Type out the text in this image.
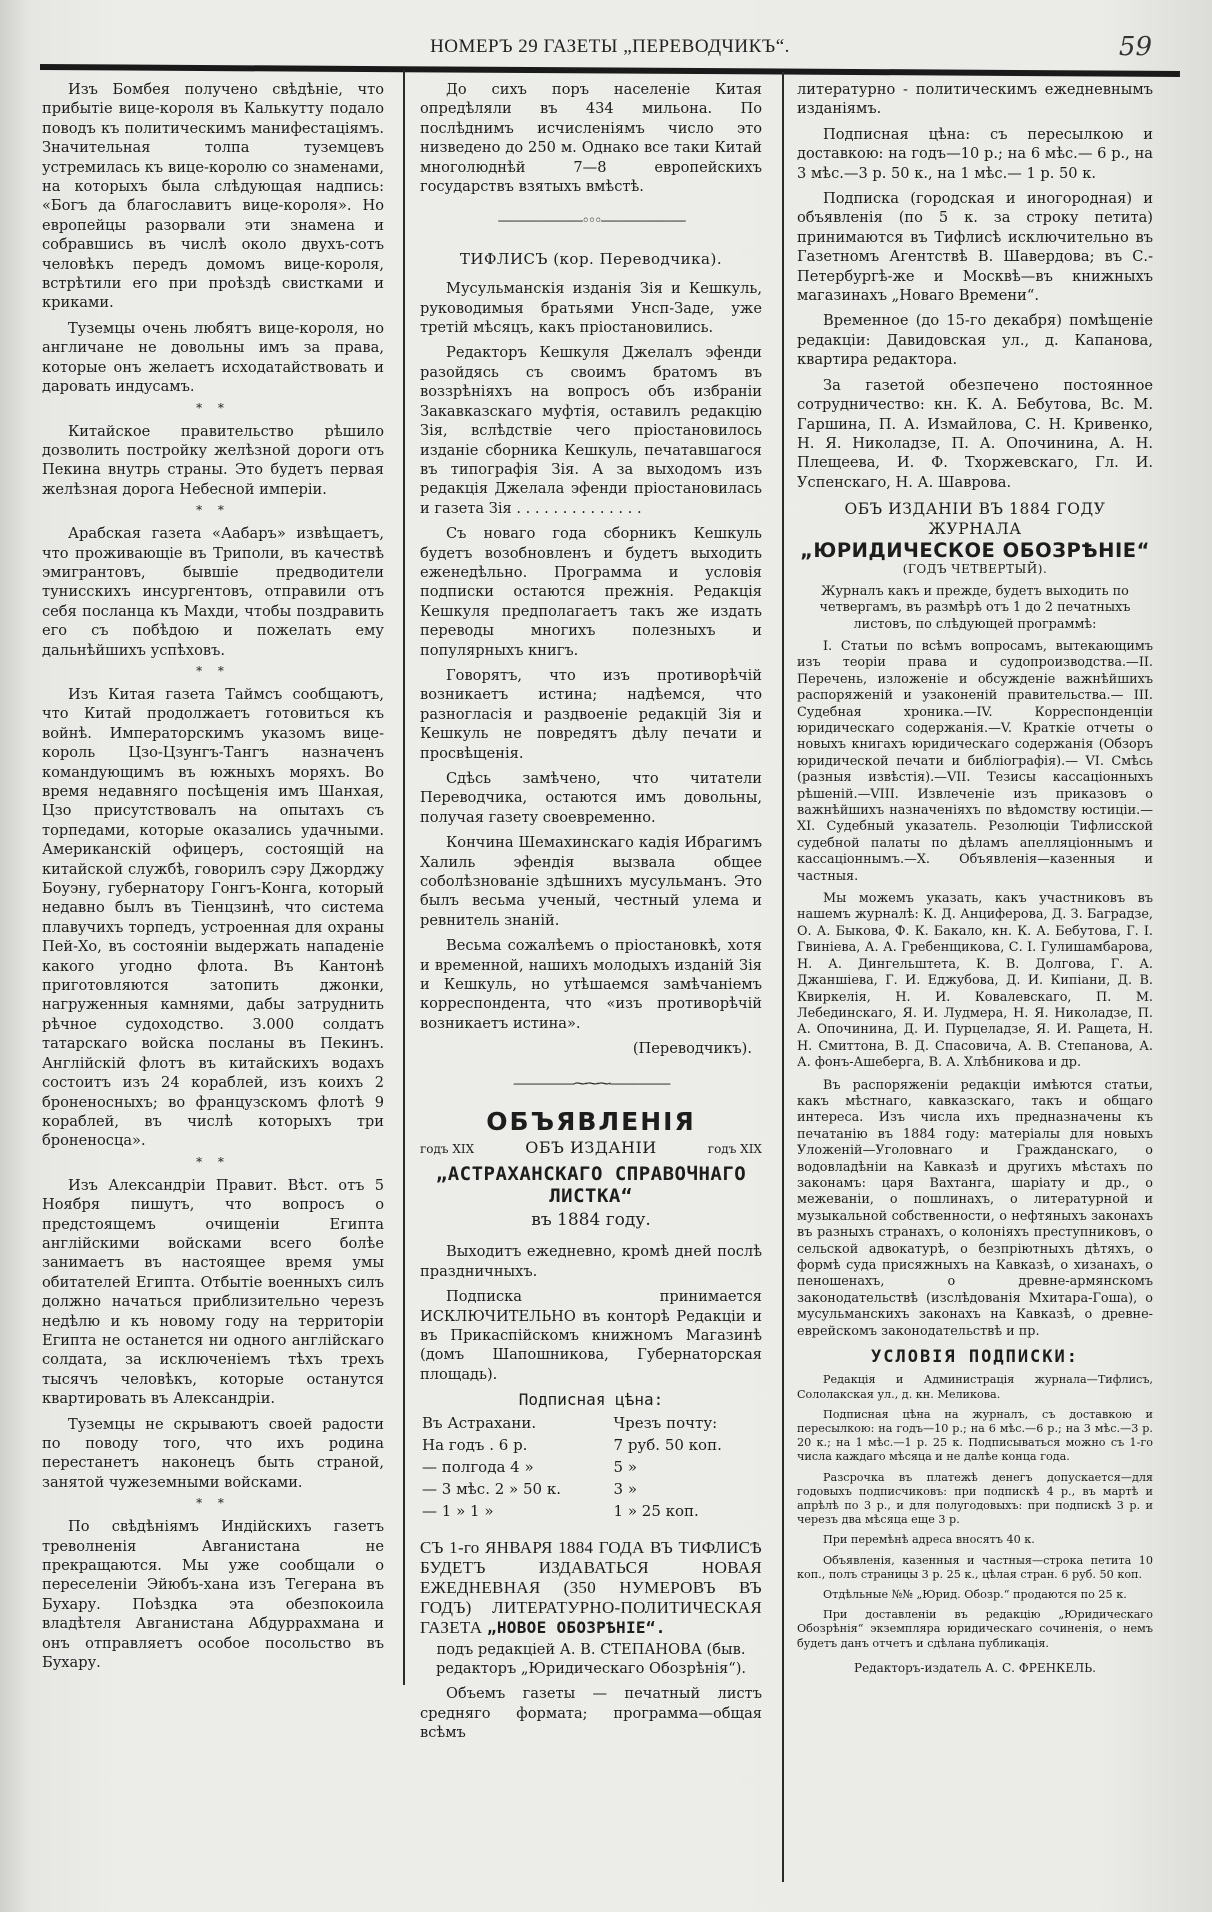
НОМЕРЪ 29 ГАЗЕТЫ „ПЕРЕВОДЧИКЪ“.	59

Изъ Бомбея получено свѣдѣніе, что прибытіе вице-короля въ Калькутту подало поводъ къ политическимъ манифестаціямъ. Значительная толпа туземцевъ устремилась къ вице-королю со знаменами, на которыхъ была слѣдующая надпись: «Богъ да благославитъ вице-короля». Но европейцы разорвали эти знамена и собравшись въ числѣ около двухъ-сотъ человѣкъ передъ домомъ вице-короля, встрѣтили его при проѣздѣ свистками и криками.

Туземцы очень любятъ вице-короля, но англичане не довольны имъ за права, которые онъ желаетъ исходатайствовать и даровать индусамъ.

* *

Китайское правительство рѣшило дозволить постройку желѣзной дороги отъ Пекина внутрь страны. Это будетъ первая желѣзная дорога Небесной имперіи.

* *

Арабская газета «Аабаръ» извѣщаетъ, что проживающіе въ Триполи, въ качествѣ эмигрантовъ, бывшіе предводители тунисскихъ инсургентовъ, отправили отъ себя посланца къ Махди, чтобы поздравить его съ побѣдою и пожелать ему дальнѣйшихъ успѣховъ.

* *

Изъ Китая газета Таймсъ сообщаютъ, что Китай продолжаетъ готовиться къ войнѣ. Императорскимъ указомъ вице-король Цзо-Цзунгъ-Тангъ назначенъ командующимъ въ южныхъ моряхъ. Во время недавняго посѣщенія имъ Шанхая, Цзо присутствовалъ на опытахъ съ торпедами, которые оказались удачными. Американскій офицеръ, состоящій на китайской службѣ, говорилъ сэру Джорджу Боуэну, губернатору Гонгъ-Конга, который недавно былъ въ Тіенцзинѣ, что система плавучихъ торпедъ, устроенная для охраны Пей-Хо, въ состояніи выдержать нападеніе какого угодно флота. Въ Кантонѣ приготовляются затопить джонки, нагруженныя камнями, дабы затруднить рѣчное судоходство. 3.000 солдатъ татарскаго войска посланы въ Пекинъ. Англійскій флотъ въ китайскихъ водахъ состоитъ изъ 24 кораблей, изъ коихъ 2 броненосныхъ; во французскомъ флотѣ 9 кораблей, въ числѣ которыхъ три броненосца».

* *

Изъ Александріи Правит. Вѣст. отъ 5 Ноября пишутъ, что вопросъ о предстоящемъ очищеніи Египта англійскими войсками всего болѣе занимаетъ въ настоящее время умы обитателей Египта. Отбытіе военныхъ силъ должно начаться приблизительно черезъ недѣлю и къ новому году на территоріи Египта не останется ни одного англійскаго солдата, за исключеніемъ тѣхъ трехъ тысячъ человѣкъ, которые останутся квартировать въ Александріи.

Туземцы не скрываютъ своей радости по поводу того, что ихъ родина перестанетъ наконецъ быть страной, занятой чужеземными войсками.

* *

По свѣдѣніямъ Индійскихъ газетъ треволненія Авганистана не прекращаются. Мы уже сообщали о переселеніи Эйюбъ-хана изъ Тегерана въ Бухару. Поѣздка эта обезпокоила владѣтеля Авганистана Абдуррахмана и онъ отправляетъ особое посольство въ Бухару.

До сихъ поръ населеніе Китая опредѣляли въ 434 мильона. По послѣднимъ исчисленіямъ число это низведено до 250 м. Однако все таки Китай многолюднѣй 7—8 европейскихъ государствъ взятыхъ вмѣстѣ.

———————◦◦◦———————
ТИФЛИСЪ (кор. Переводчика).

Мусульманскія изданія Зія и Кешкуль, руководимыя братьями Унсп-Заде, уже третій мѣсяцъ, какъ пріостановились.

Редакторъ Кешкуля Джелалъ эфенди разойдясь съ своимъ братомъ въ воззрѣніяхъ на вопросъ объ избраніи Закавказскаго муфтія, оставилъ редакцію Зія, вслѣдствіе чего пріостановилось изданіе сборника Кешкуль, печатавшагося въ типографія Зія. А за выходомъ изъ редакція Джелала эфенди пріостановилась и газета Зія . . . . . . . . . . . . . .

Съ новаго года сборникъ Кешкуль будетъ возобновленъ и будетъ выходить еженедѣльно. Программа и условія подписки остаются прежнія. Редакція Кешкуля предполагаетъ такъ же издать переводы многихъ полезныхъ и популярныхъ книгъ.

Говорятъ, что изъ противорѣчій возникаетъ истина; надѣемся, что разногласія и раздвоеніе редакцій Зія и Кешкуль не повредятъ дѣлу печати и просвѣщенія.

Сдѣсь замѣчено, что читатели Переводчика, остаются имъ довольны, получая газету своевременно.

Кончина Шемахинскаго кадія Ибрагимъ Халиль эфендія вызвала общее соболѣзнованіе здѣшнихъ мусульманъ. Это былъ весьма ученый, честный улема и ревнитель знаній.

Весьма сожалѣемъ о пріостановкѣ, хотя и временной, нашихъ молодыхъ изданій Зія и Кешкуль, но утѣшаемся замѣчаніемъ корреспондента, что «изъ противорѣчій возникаетъ истина».

(Переводчикъ).

—————⁓⁓⁓—————
ОБЪЯВЛЕНІЯ
годъ XIX	ОБЪ ИЗДАНІИ	годъ XIX
„АСТРАХАНСКАГО СПРАВОЧНАГО ЛИСТКА“
въ 1884 году.

Выходитъ ежедневно, кромѣ дней послѣ праздничныхъ.

Подписка принимается ИСКЛЮЧИТЕЛЬНО въ конторѣ Редакціи и въ Прикаспійскомъ книжномъ Магазинѣ (домъ Шапошникова, Губернаторская площадь).

Подписная цѣна:
Въ Астрахани.	Чрезъ почту:
На годъ . 6 р.	7 руб. 50 коп.
— полгода 4 »	5 »
— 3 мѣс. 2 » 50 к.	3 »
— 1 » 1 »	1 » 25 коп.
СЪ 1-го ЯНВАРЯ 1884 ГОДА ВЪ ТИФЛИСѢ БУДЕТЪ ИЗДАВАТЬСЯ НОВАЯ ЕЖЕДНЕВНАЯ (350 НУМЕРОВЪ ВЪ ГОДЪ) ЛИТЕРАТУРНО-ПОЛИТИЧЕСКАЯ ГАЗЕТА „НОВОЕ ОБОЗРѢНІЕ“.

подъ редакціей А. В. СТЕПАНОВА (быв. редакторъ „Юридическаго Обозрѣнія“).

Объемъ газеты — печатный листъ средняго формата; программа—общая всѣмъ

литературно - политическимъ ежедневнымъ изданіямъ.

Подписная цѣна: съ пересылкою и доставкою: на годъ—10 р.; на 6 мѣс.— 6 р., на 3 мѣс.—3 р. 50 к., на 1 мѣс.— 1 р. 50 к.

Подписка (городская и иногородная) и объявленія (по 5 к. за строку петита) принимаются въ Тифлисѣ исключительно въ Газетномъ Агентствѣ В. Шавердова; въ С.-Петербургѣ-же и Москвѣ—въ книжныхъ магазинахъ „Новаго Времени“.

Временное (до 15-го декабря) помѣщеніе редакціи: Давидовская ул., д. Капанова, квартира редактора.

За газетой обезпечено постоянное сотрудничество: кн. К. А. Бебутова, Вс. М. Гаршина, П. А. Измайлова, С. Н. Кривенко, Н. Я. Николадзе, П. А. Опочинина, А. Н. Плещеева, И. Ф. Тхоржевскаго, Гл. И. Успенскаго, Н. А. Шаврова.

ОБЪ ИЗДАНІИ ВЪ 1884 ГОДУ ЖУРНАЛА
„ЮРИДИЧЕСКОЕ ОБОЗРѢНІЕ“
(ГОДЪ ЧЕТВЕРТЫЙ).

Журналъ какъ и прежде, будетъ выходить по четвергамъ, въ размѣрѣ отъ 1 до 2 печатныхъ листовъ, по слѣдующей программѣ:

I. Статьи по всѣмъ вопросамъ, вытекающимъ изъ теоріи права и судопроизводства.—II. Перечень, изложеніе и обсужденіе важнѣйшихъ распоряженій и узаконеній правительства.— III. Судебная хроника.—IV. Корреспонденціи юридическаго содержанія.—V. Краткіе отчеты о новыхъ книгахъ юридическаго содержанія (Обзоръ юридической печати и библіографія).— VI. Смѣсь (разныя извѣстія).—VII. Тезисы кассаціонныхъ рѣшеній.—VIII. Извлеченіе изъ приказовъ о важнѣйшихъ назначеніяхъ по вѣдомству юстиціи.—XI. Судебный указатель. Резолюціи Тифлисской судебной палаты по дѣламъ апелляціоннымъ и кассаціоннымъ.—X. Объявленія—казенныя и частныя.

Мы можемъ указать, какъ участниковъ въ нашемъ журналѣ: К. Д. Анциферова, Д. З. Баградзе, О. А. Быкова, Ф. К. Бакало, кн. К. А. Бебутова, Г. I. Гвиніева, А. А. Гребенщикова, С. I. Гулишамбарова, Н. А. Дингельштета, К. В. Долгова, Г. А. Джаншіева, Г. И. Еджубова, Д. И. Кипіани, Д. В. Квиркелія, Н. И. Ковалевскаго, П. М. Лебединскаго, Я. И. Лудмера, Н. Я. Николадзе, П. А. Опочинина, Д. И. Пурцеладзе, Я. И. Ращета, Н. Н. Смиттона, В. Д. Спасовича, А. В. Степанова, А. А. фонъ-Ашеберга, В. А. Хлѣбникова и др.

Въ распоряженіи редакціи имѣются статьи, какъ мѣстнаго, кавказскаго, такъ и общаго интереса. Изъ числа ихъ предназначены къ печатанію въ 1884 году: матеріалы для новыхъ Уложеній—Уголовнаго и Гражданскаго, о водовладѣніи на Кавказѣ и другихъ мѣстахъ по законамъ: царя Вахтанга, шаріату и др., о межеваніи, о пошлинахъ, о литературной и музыкальной собственности, о нефтяныхъ законахъ въ разныхъ странахъ, о колоніяхъ преступниковъ, о сельской адвокатурѣ, о безпріютныхъ дѣтяхъ, о формѣ суда присяжныхъ на Кавказѣ, о хизанахъ, о пеношенахъ, о древне-армянскомъ законодательствѣ (изслѣдованія Мхитара-Гоша), о мусульманскихъ законахъ на Кавказѣ, о древне-еврейскомъ законодательствѣ и пр.

УСЛОВІЯ ПОДПИСКИ:

Редакція и Администрація журнала—Тифлисъ, Сололакская ул., д. кн. Меликова.

Подписная цѣна на журналъ, съ доставкою и пересылкою: на годъ—10 р.; на 6 мѣс.—6 р.; на 3 мѣс.—3 р. 20 к.; на 1 мѣс.—1 р. 25 к. Подписываться можно съ 1-го числа каждаго мѣсяца и не далѣе конца года.

Разсрочка въ платежѣ денегъ допускается—для годовыхъ подписчиковъ: при подпискѣ 4 р., въ мартѣ и апрѣлѣ по 3 р., и для полугодовыхъ: при подпискѣ 3 р. и черезъ два мѣсяца еще 3 р.

При перемѣнѣ адреса вносятъ 40 к.

Объявленія, казенныя и частныя—строка петита 10 коп., полъ страницы 3 р. 25 к., цѣлая стран. 6 руб. 50 коп.

Отдѣльные №№ „Юрид. Обозр.“ продаются по 25 к.

При доставленіи въ редакцію „Юридическаго Обозрѣнія“ экземпляра юридическаго сочиненія, о немъ будетъ данъ отчетъ и сдѣлана публикація.

Редакторъ-издатель А. С. ФРЕНКЕЛЬ.
